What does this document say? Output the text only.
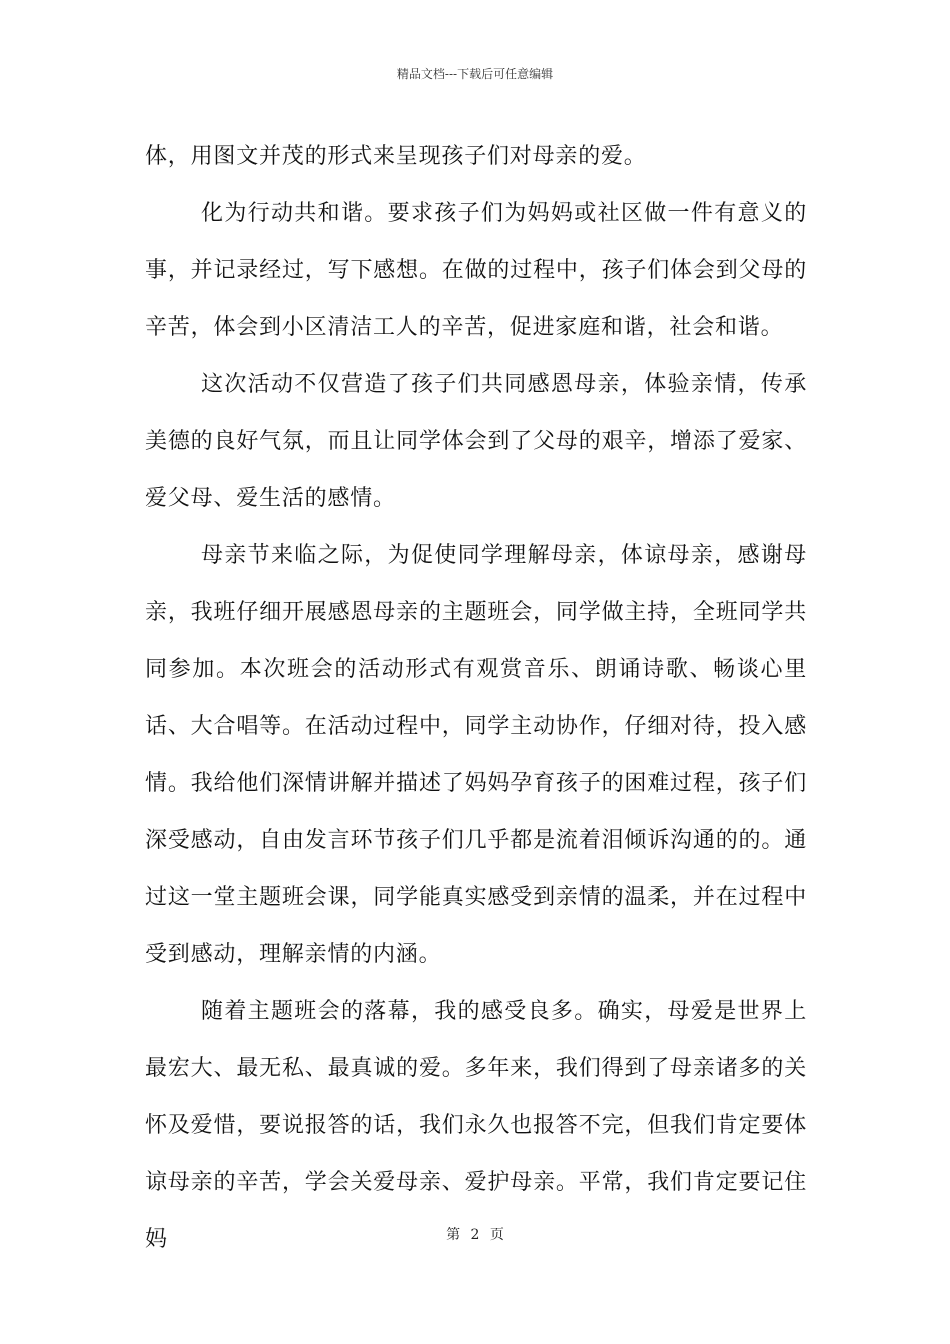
精品文档---下载后可任意编辑

体，用图文并茂的形式来呈现孩子们对母亲的爱。

化为行动共和谐。要求孩子们为妈妈或社区做一件有意义的事，并记录经过，写下感想。在做的过程中，孩子们体会到父母的辛苦，体会到小区清洁工人的辛苦，促进家庭和谐，社会和谐。

这次活动不仅营造了孩子们共同感恩母亲，体验亲情，传承美德的良好气氛，而且让同学体会到了父母的艰辛，增添了爱家、爱父母、爱生活的感情。

母亲节来临之际，为促使同学理解母亲，体谅母亲，感谢母亲，我班仔细开展感恩母亲的主题班会，同学做主持，全班同学共同参加。本次班会的活动形式有观赏音乐、朗诵诗歌、畅谈心里话、大合唱等。在活动过程中，同学主动协作，仔细对待，投入感情。我给他们深情讲解并描述了妈妈孕育孩子的困难过程，孩子们深受感动，自由发言环节孩子们几乎都是流着泪倾诉沟通的的。通过这一堂主题班会课，同学能真实感受到亲情的温柔，并在过程中受到感动，理解亲情的内涵。

随着主题班会的落幕，我的感受良多。确实，母爱是世界上最宏大、最无私、最真诚的爱。多年来，我们得到了母亲诸多的关怀及爱惜，要说报答的话，我们永久也报答不完，但我们肯定要体谅母亲的辛苦，学会关爱母亲、爱护母亲。平常，我们肯定要记住妈	第 2 页
